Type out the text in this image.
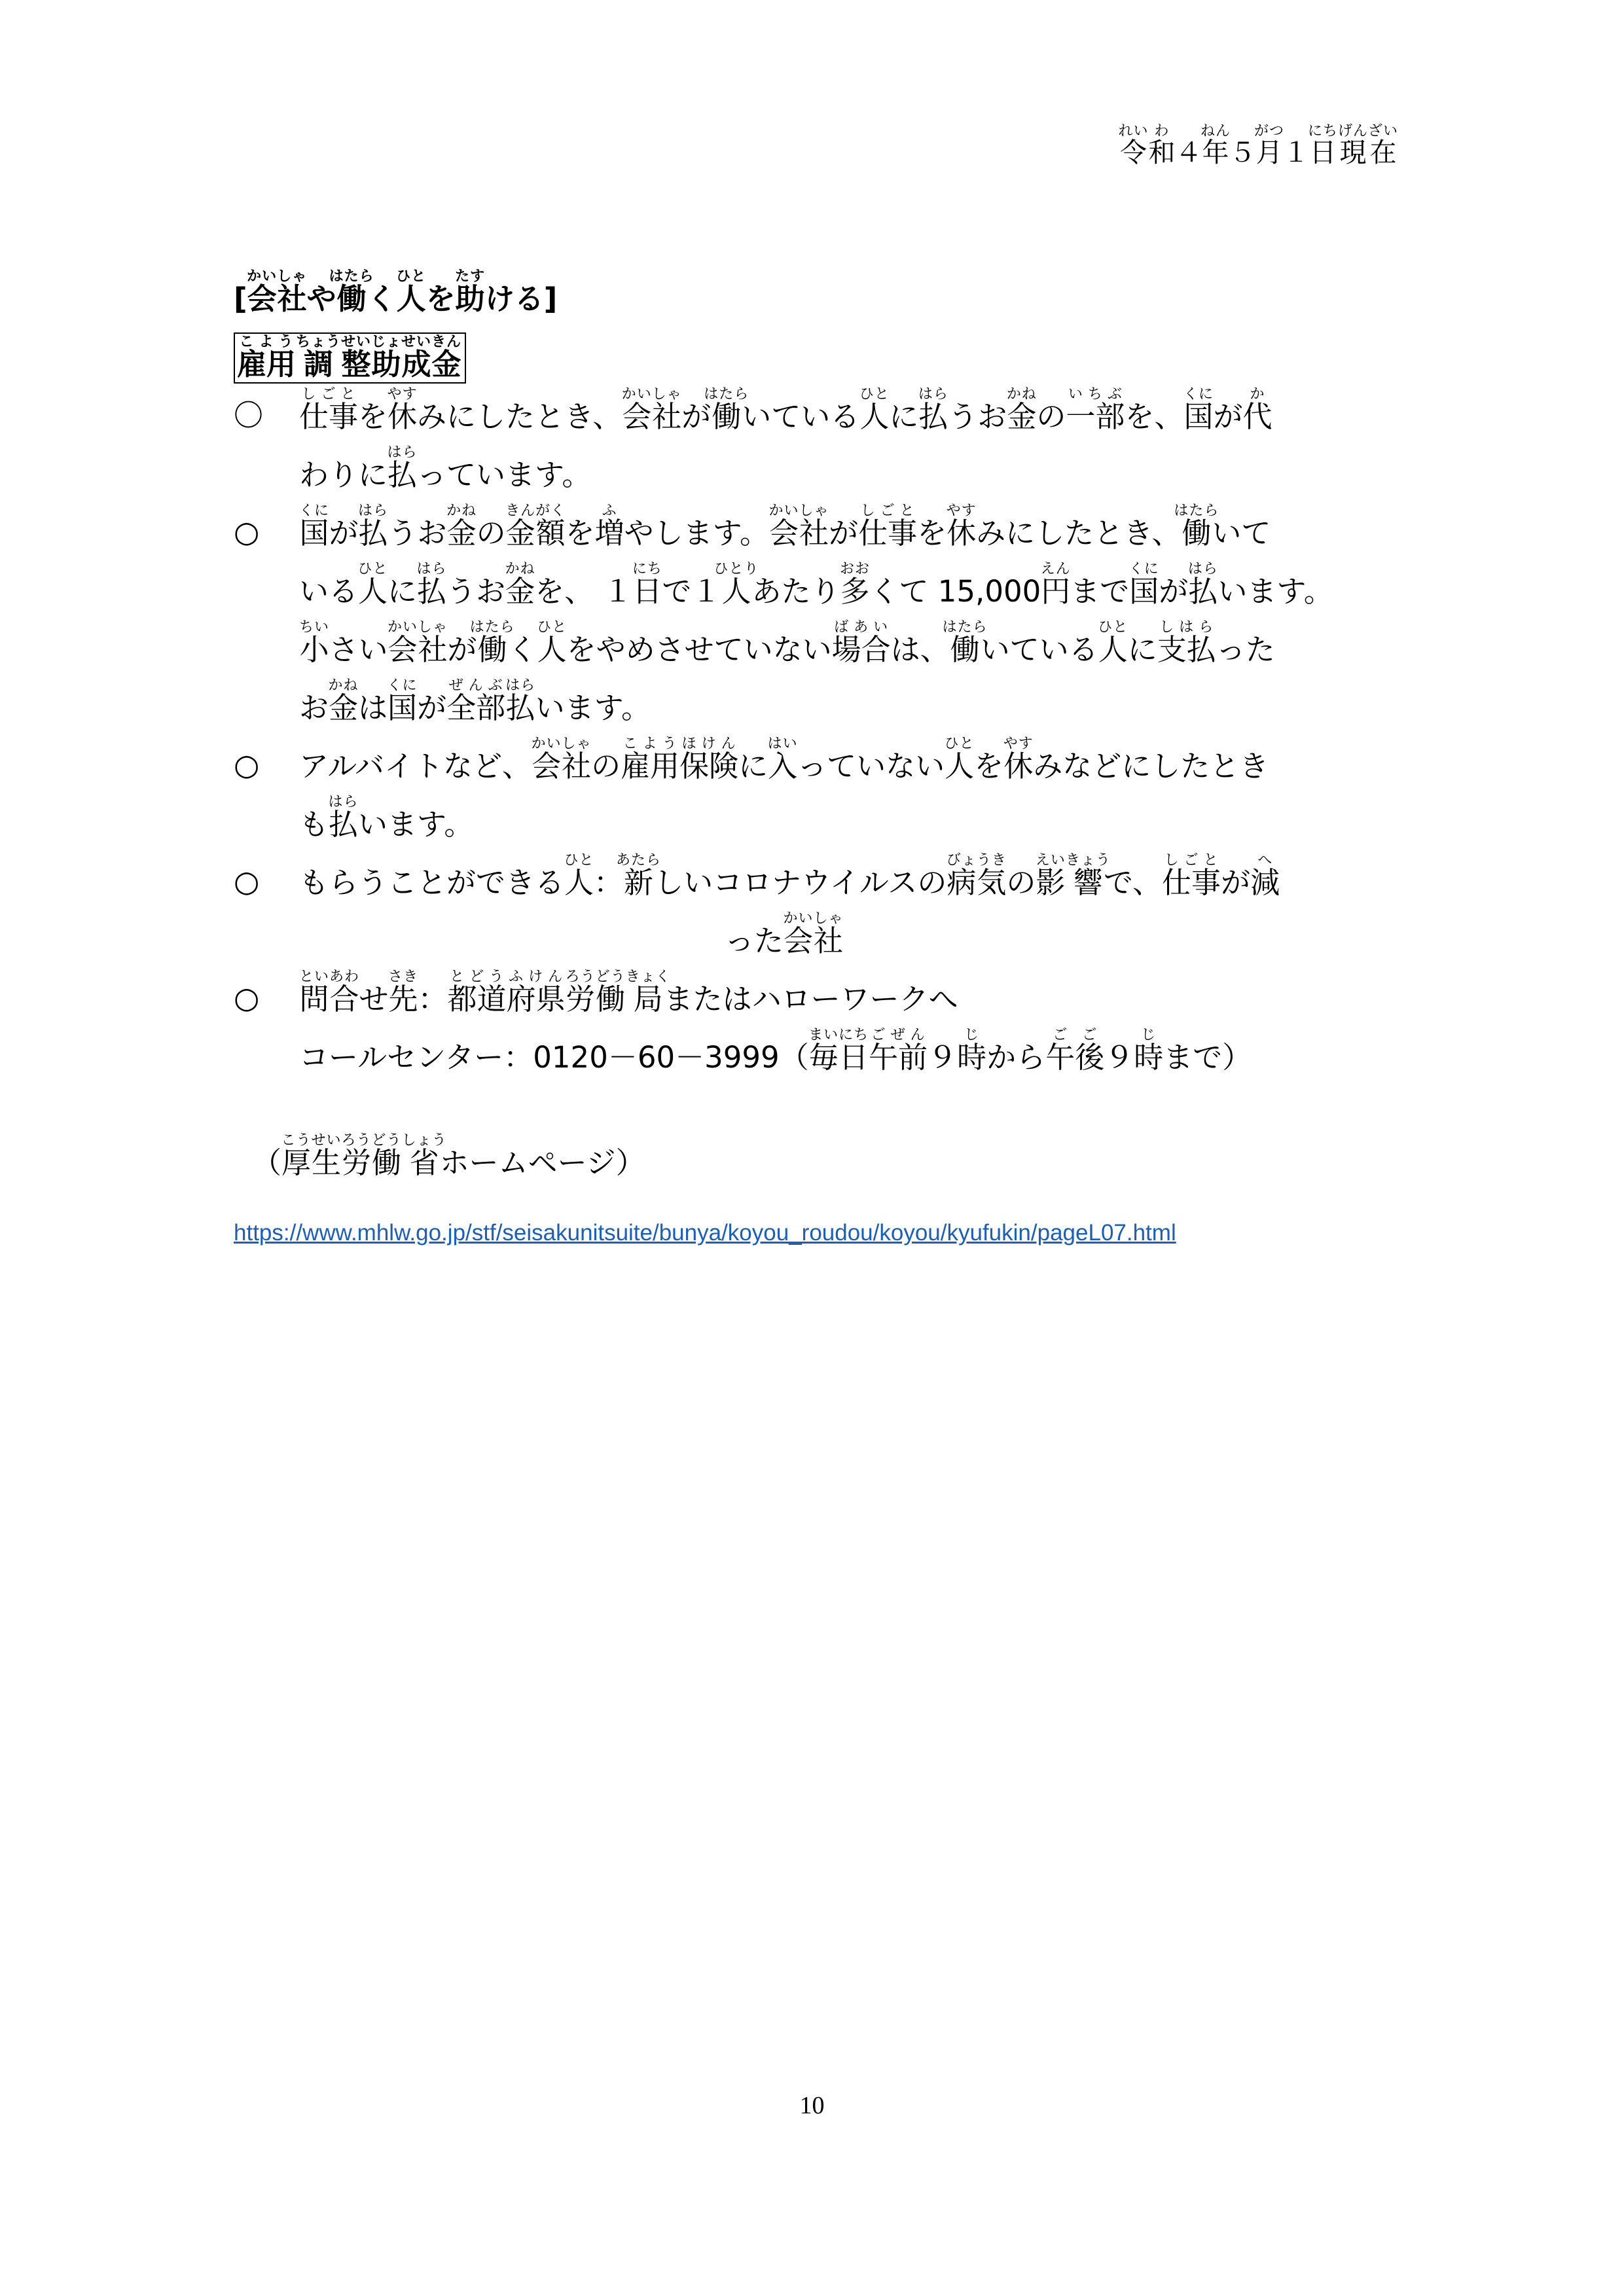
令れい和わ４年ねん５月がつ１日現在にちげんざい
[会社かいしゃや働はたらく人ひとを助たすける]
雇用こよう調ちょう整せい助成金じょせいきん
〇	仕事しごとを休やすみにしたとき、会社かいしゃが働はたらいている人ひとに払はらうお金かねの一部いちぶを、国くにが代か
わりに払はらっています。
○	国くにが払はらうお金かねの金額きんがくを増ふやします。会社かいしゃが仕事しごとを休やすみにしたとき、働はたらいて
いる人ひとに払はらうお金かねを、 １日にちで１人ひとりあたり多おおくて 15,000円えんまで国くにが払はらいます。
小ちいさい会社かいしゃが働はたらく人ひとをやめさせていない場合ばあいは、働はたらいている人ひとに支払しはらった
お金かねは国くにが全部ぜんぶ払はらいます。
○	アルバイトなど、会社かいしゃの雇用保険こようほけんに入はいっていない人ひとを休やすみなどにしたとき
も払はらいます。
○	もらうことができる人ひと：新あたらしいコロナウイルスの病気びょうきの影えい響きょうで、仕事しごとが減へ
った会社かいしゃ
○	問合といあわせ先さき：都道府県とどうふけん労ろう働どう局きょくまたはハローワークへ
コールセンター：0120－60－3999（毎日まいにち午前ごぜん９時じから午後ごご９時じまで）
（厚生こうせい労ろう働どう省しょうホームページ）
https://www.mhlw.go.jp/stf/seisakunitsuite/bunya/koyou_roudou/koyou/kyufukin/pageL07.html
10
